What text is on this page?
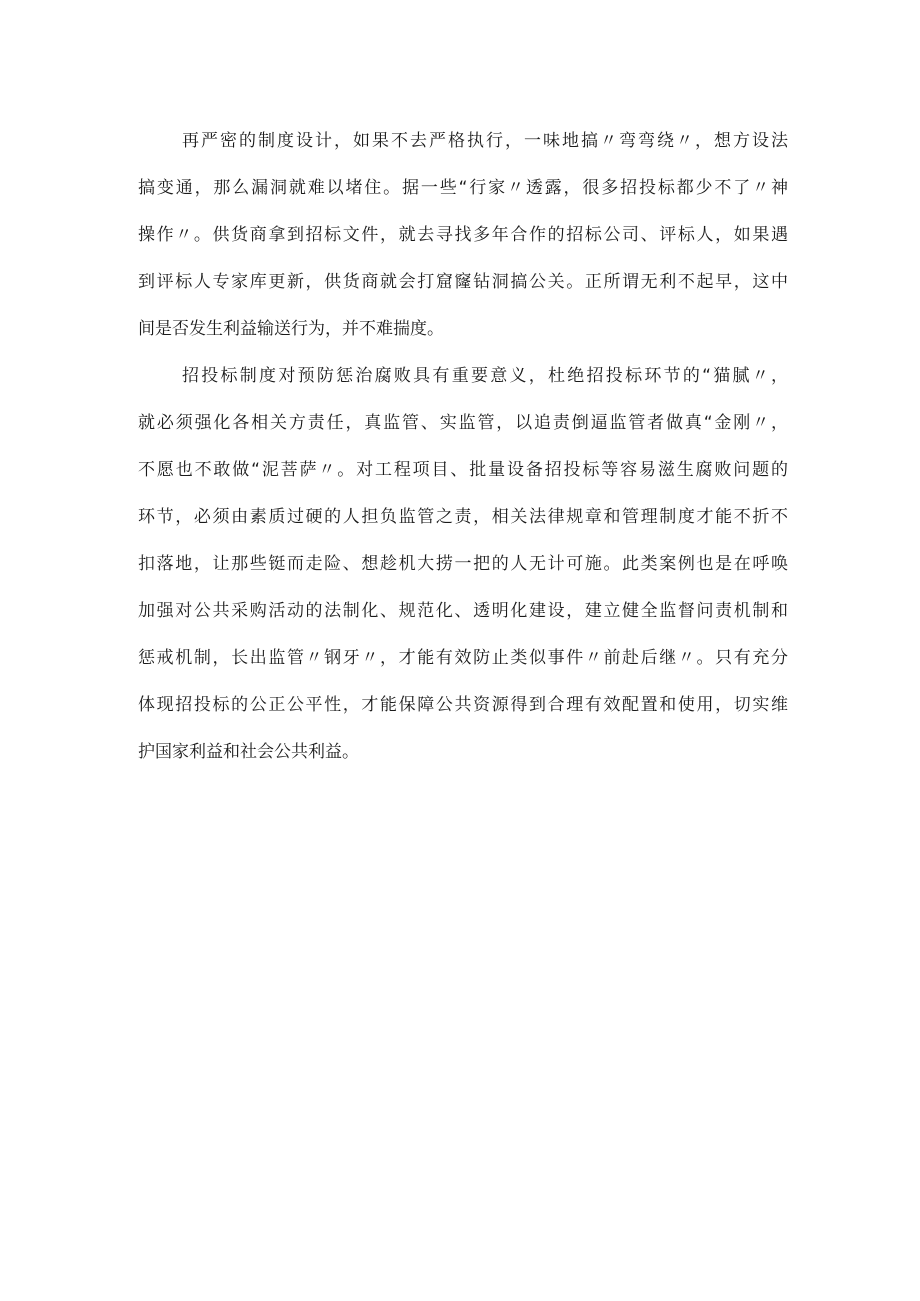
再严密的制度设计，如果不去严格执行，一味地搞〃弯弯绕〃，想方设法
搞变通，那么漏洞就难以堵住。据一些“行家〃透露，很多招投标都少不了〃神
操作〃。供货商拿到招标文件，就去寻找多年合作的招标公司、评标人，如果遇
到评标人专家库更新，供货商就会打窟窿钻洞搞公关。正所谓无利不起早，这中
间是否发生利益输送行为，并不难揣度。
招投标制度对预防惩治腐败具有重要意义，杜绝招投标环节的“猫腻〃，
就必须强化各相关方责任，真监管、实监管，以追责倒逼监管者做真“金刚〃，
不愿也不敢做“泥菩萨〃。对工程项目、批量设备招投标等容易滋生腐败问题的
环节，必须由素质过硬的人担负监管之责，相关法律规章和管理制度才能不折不
扣落地，让那些铤而走险、想趁机大捞一把的人无计可施。此类案例也是在呼唤
加强对公共采购活动的法制化、规范化、透明化建设，建立健全监督问责机制和
惩戒机制，长出监管〃钢牙〃，才能有效防止类似事件〃前赴后继〃。只有充分
体现招投标的公正公平性，才能保障公共资源得到合理有效配置和使用，切实维
护国家利益和社会公共利益。
